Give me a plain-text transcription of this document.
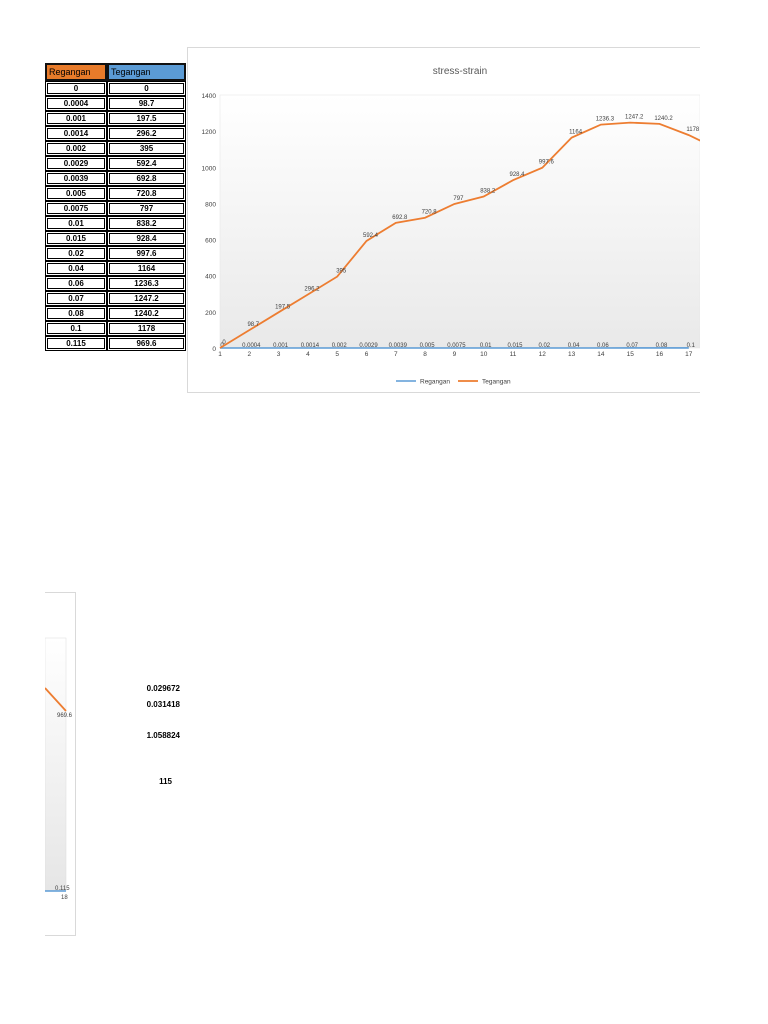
Regangan	Tegangan
0	0
0.0004	98.7
0.001	197.5
0.0014	296.2
0.002	395
0.0029	592.4
0.0039	692.8
0.005	720.8
0.0075	797
0.01	838.2
0.015	928.4
0.02	997.6
0.04	1164
0.06	1236.3
0.07	1247.2
0.08	1240.2
0.1	1178
0.115	969.6
stress-strain
0
200
400
600
800
1000
1200
1400
1	2	3	4	5	6	7	8	9	10	11	12	13	14	15	16	17
0	0.0004 0.001 0.0014 0.002 0.0029 0.0039 0.005 0.0075 0.01	0.015	0.02	0.04	0.06	0.07	0.08	0.1
0
98.7
197.5
296.2
395
592.4
692.8
720.8
797
838.2
928.4
997.6
1164
1236.3 1247.2 1240.2
1178
Regangan	Tegangan
969.6
0.115
18
0.029672
0.031418
1.058824
115
